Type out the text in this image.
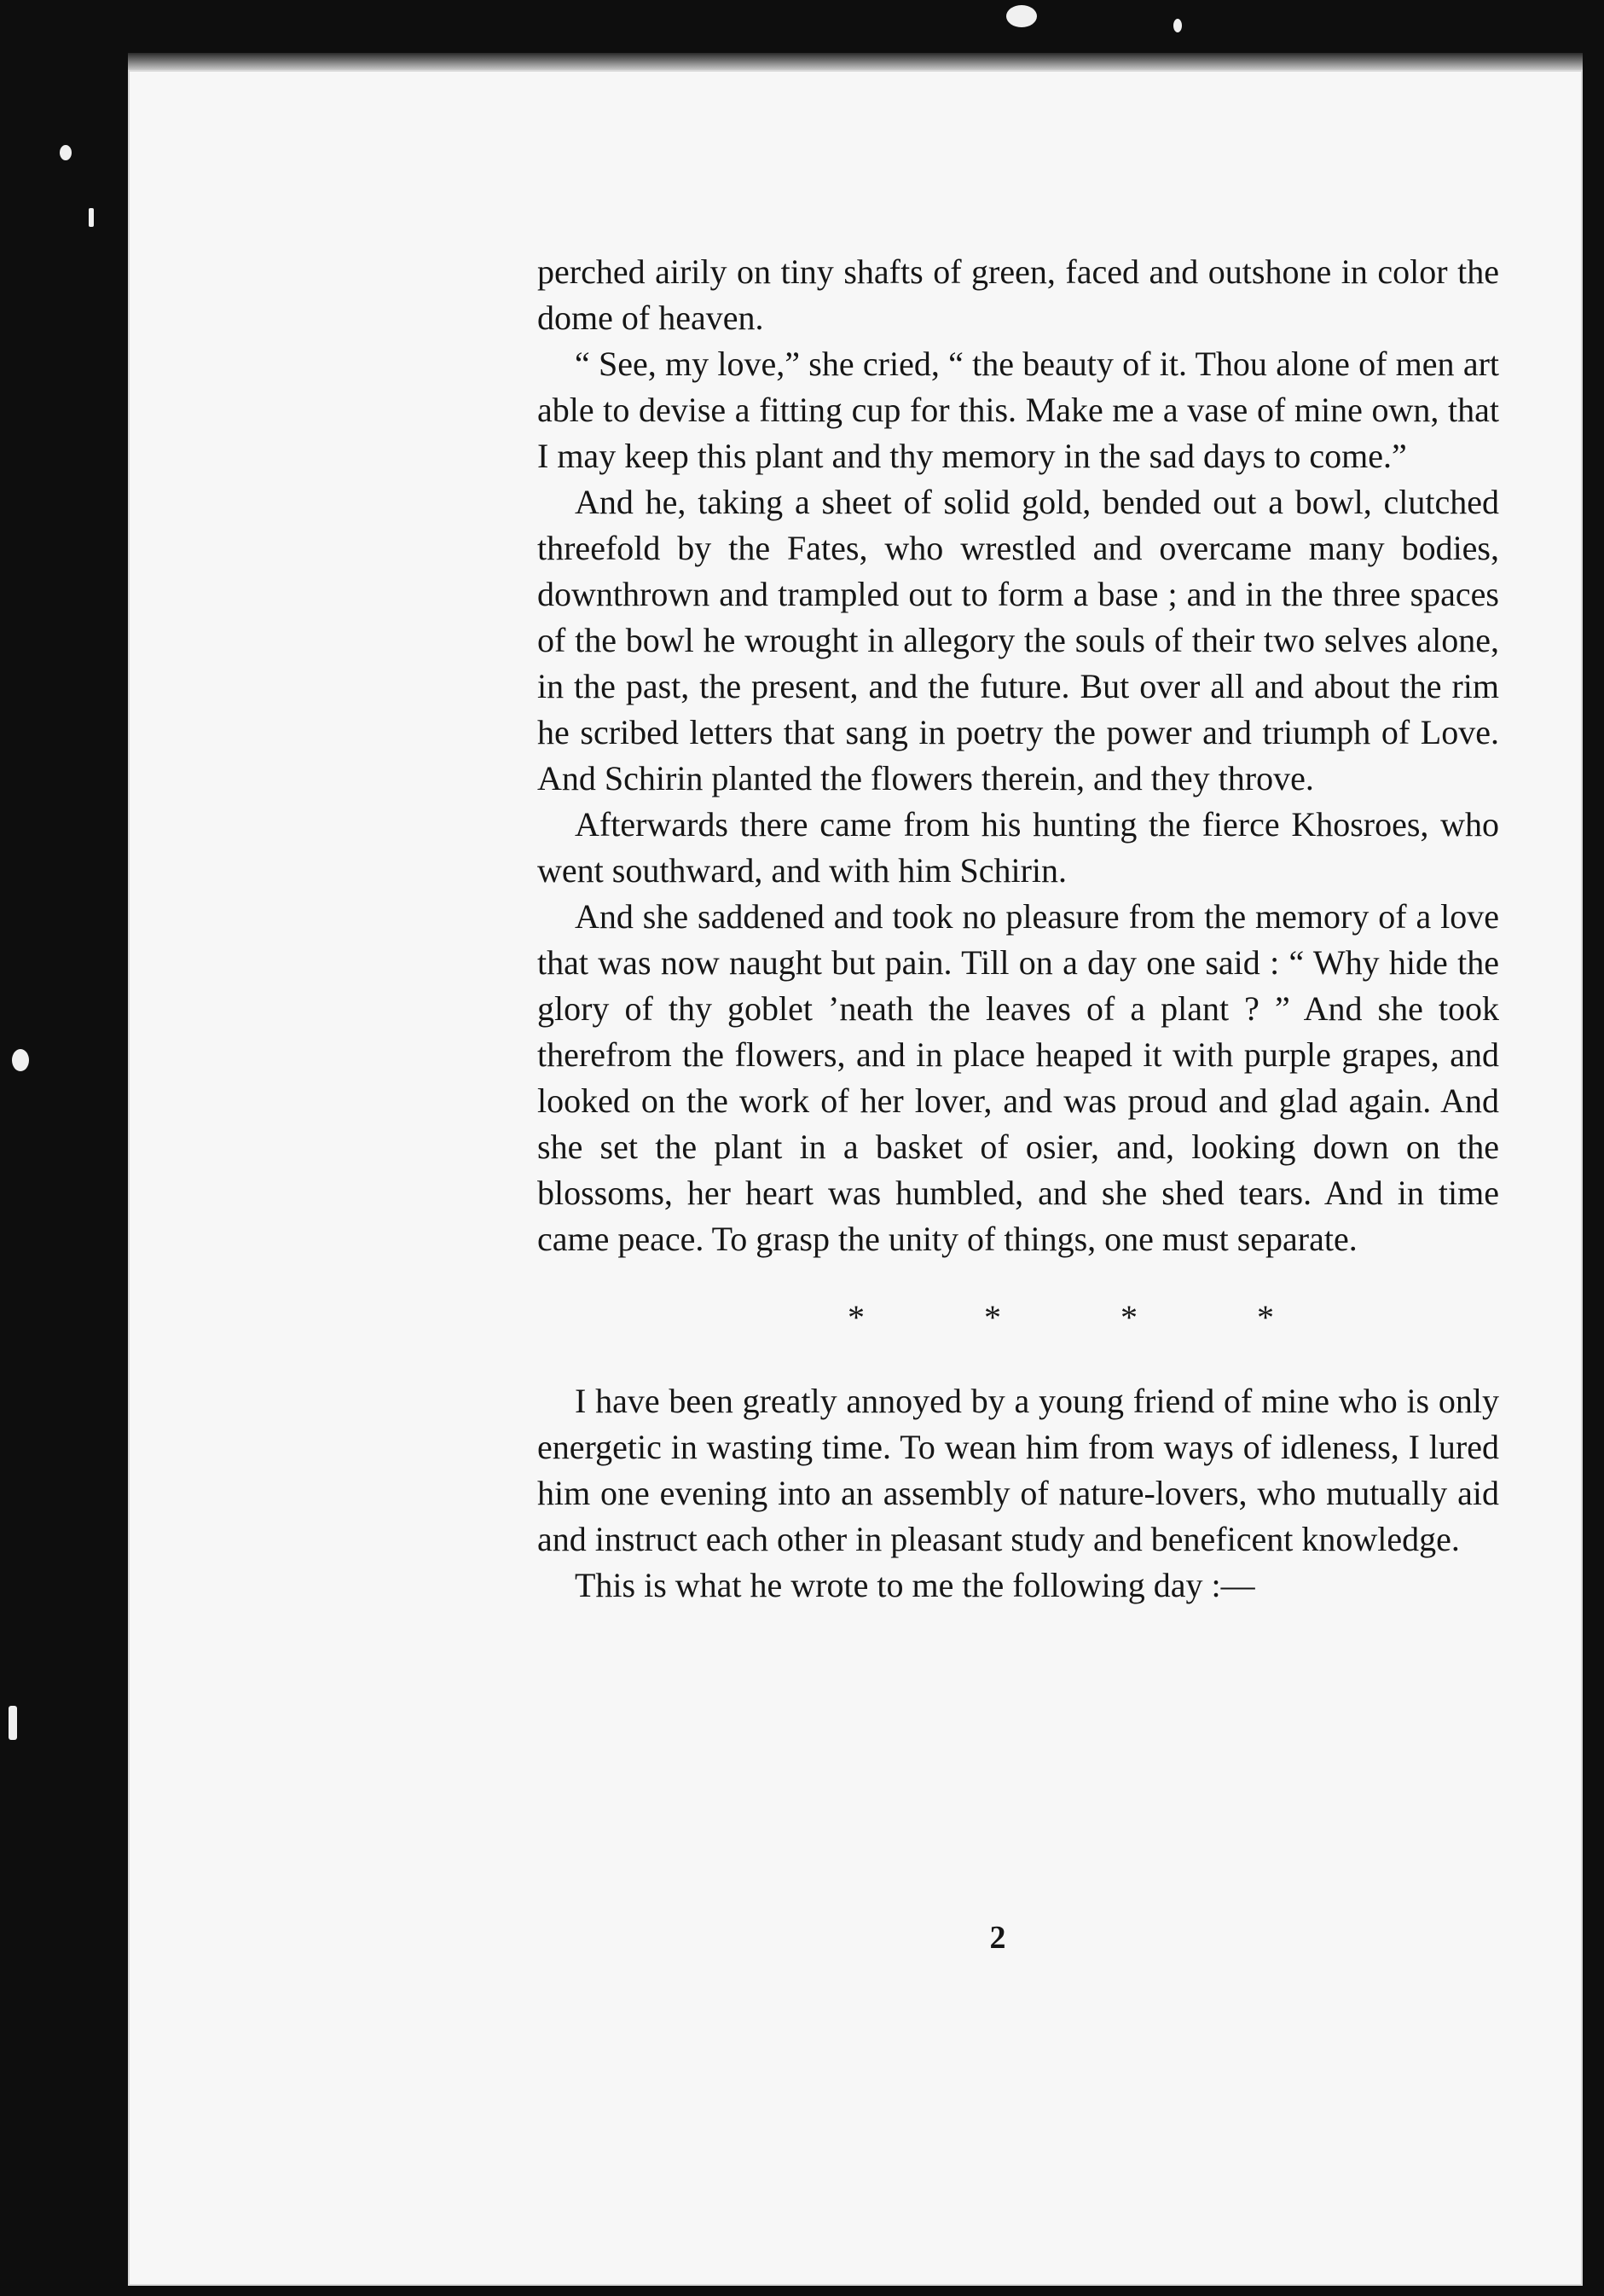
perched airily on tiny shafts of green, faced and outshone in color the dome of heaven.

“ See, my love,” she cried, “ the beauty of it. Thou alone of men art able to devise a fitting cup for this. Make me a vase of mine own, that I may keep this plant and thy memory in the sad days to come.”

And he, taking a sheet of solid gold, bended out a bowl, clutched threefold by the Fates, who wrestled and overcame many bodies, downthrown and trampled out to form a base ; and in the three spaces of the bowl he wrought in allegory the souls of their two selves alone, in the past, the present, and the future. But over all and about the rim he scribed letters that sang in poetry the power and triumph of Love. And Schirin planted the flowers therein, and they throve.

Afterwards there came from his hunting the fierce Khosroes, who went southward, and with him Schirin.

And she saddened and took no pleasure from the memory of a love that was now naught but pain. Till on a day one said : “ Why hide the glory of thy goblet ’neath the leaves of a plant ? ” And she took therefrom the flowers, and in place heaped it with purple grapes, and looked on the work of her lover, and was proud and glad again. And she set the plant in a basket of osier, and, looking down on the blossoms, her heart was humbled, and she shed tears. And in time came peace. To grasp the unity of things, one must separate.

*	*	*	*

I have been greatly annoyed by a young friend of mine who is only energetic in wasting time. To wean him from ways of idleness, I lured him one evening into an assembly of nature-lovers, who mutually aid and instruct each other in pleasant study and beneficent knowledge.

This is what he wrote to me the following day :—

2
